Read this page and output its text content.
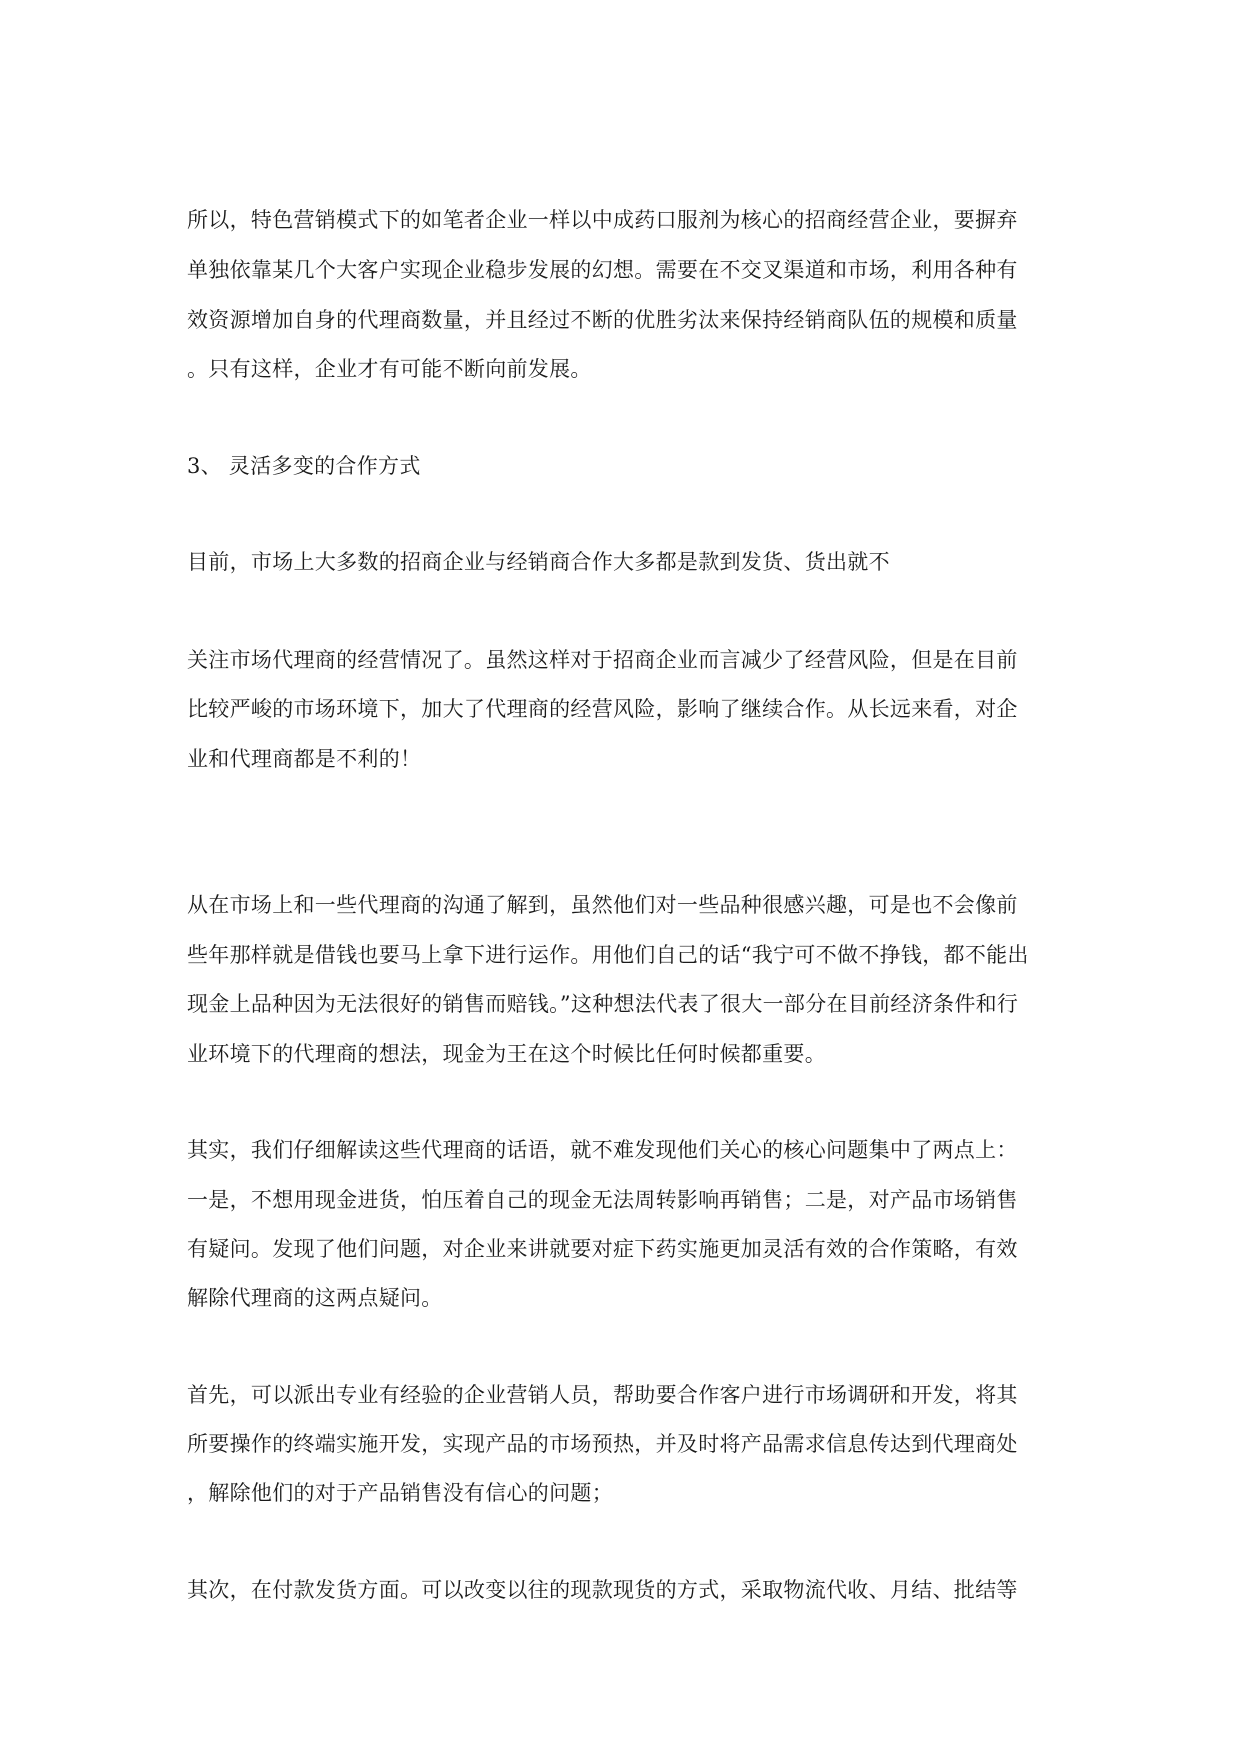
所以，特色营销模式下的如笔者企业一样以中成药口服剂为核心的招商经营企业，要摒弃
单独依靠某几个大客户实现企业稳步发展的幻想。需要在不交叉渠道和市场，利用各种有
效资源增加自身的代理商数量，并且经过不断的优胜劣汰来保持经销商队伍的规模和质量
。只有这样，企业才有可能不断向前发展。
3、 灵活多变的合作方式
目前，市场上大多数的招商企业与经销商合作大多都是款到发货、货出就不
关注市场代理商的经营情况了。虽然这样对于招商企业而言减少了经营风险，但是在目前
比较严峻的市场环境下，加大了代理商的经营风险，影响了继续合作。从长远来看，对企
业和代理商都是不利的！
从在市场上和一些代理商的沟通了解到，虽然他们对一些品种很感兴趣，可是也不会像前
些年那样就是借钱也要马上拿下进行运作。用他们自己的话“我宁可不做不挣钱，都不能出
现金上品种因为无法很好的销售而赔钱。”这种想法代表了很大一部分在目前经济条件和行
业环境下的代理商的想法，现金为王在这个时候比任何时候都重要。
其实，我们仔细解读这些代理商的话语，就不难发现他们关心的核心问题集中了两点上：
一是，不想用现金进货，怕压着自己的现金无法周转影响再销售；二是，对产品市场销售
有疑问。发现了他们问题，对企业来讲就要对症下药实施更加灵活有效的合作策略，有效
解除代理商的这两点疑问。
首先，可以派出专业有经验的企业营销人员，帮助要合作客户进行市场调研和开发，将其
所要操作的终端实施开发，实现产品的市场预热，并及时将产品需求信息传达到代理商处
，解除他们的对于产品销售没有信心的问题；
其次，在付款发货方面。可以改变以往的现款现货的方式，采取物流代收、月结、批结等
